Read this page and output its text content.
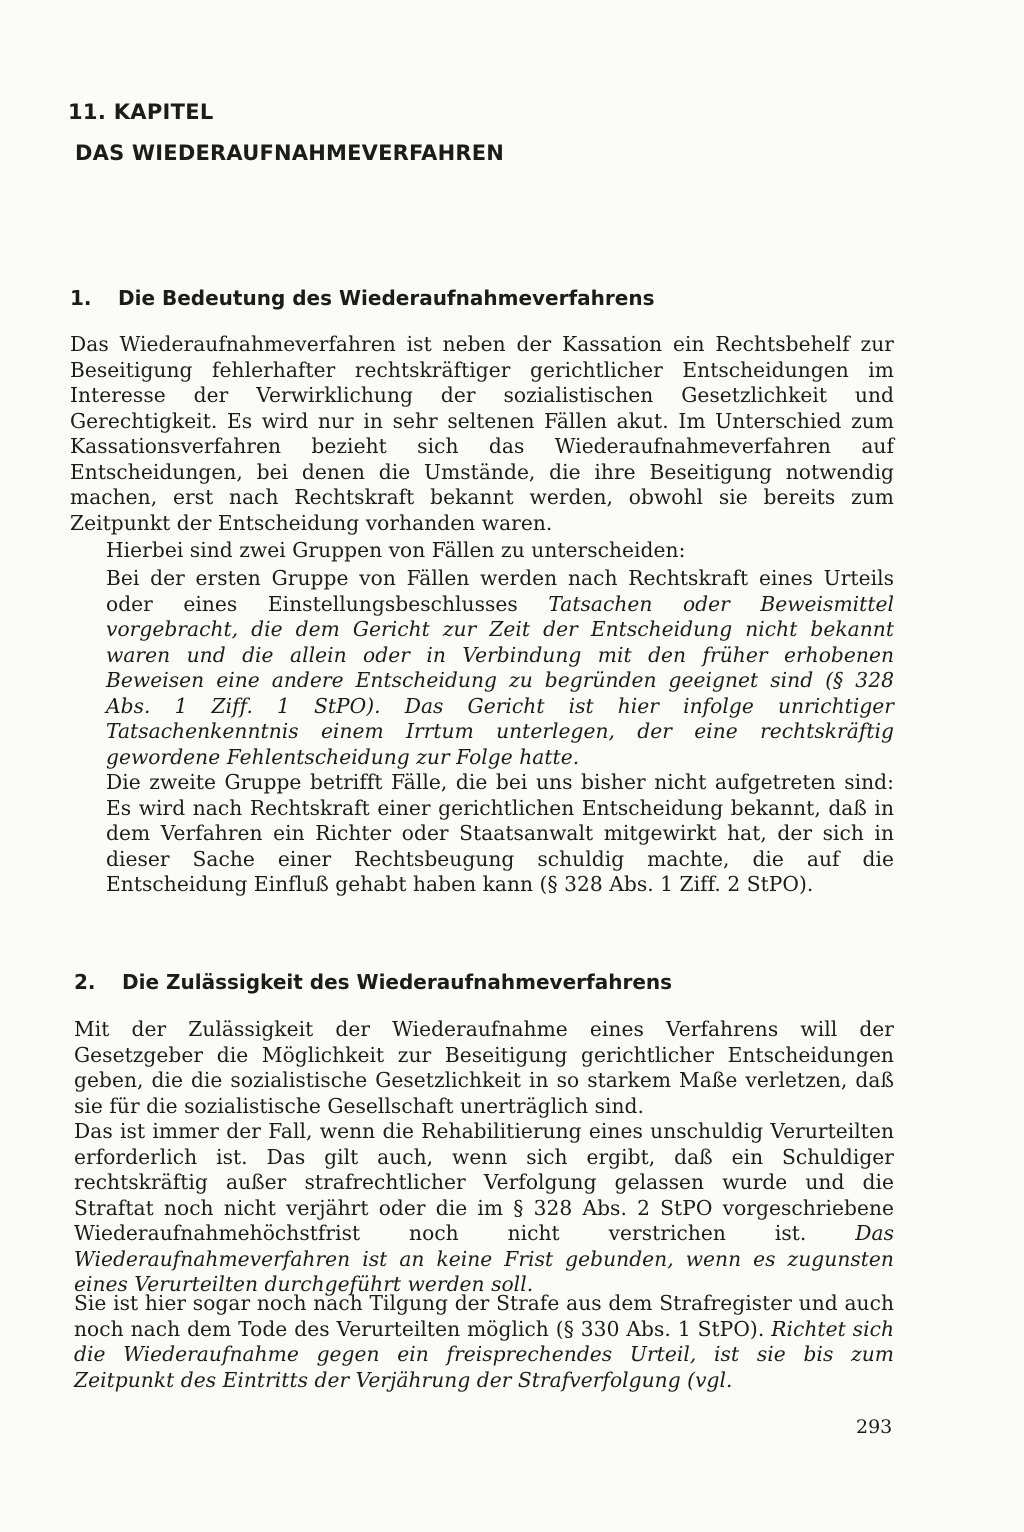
11. KAPITEL
DAS WIEDERAUFNAHMEVERFAHREN
1. Die Bedeutung des Wiederaufnahmeverfahrens

Das Wiederaufnahmeverfahren ist neben der Kassation ein Rechtsbehelf zur Beseitigung fehlerhafter rechtskräftiger gerichtlicher Entscheidungen im Interesse der Verwirklichung der sozialistischen Gesetzlichkeit und Gerechtigkeit. Es wird nur in sehr seltenen Fällen akut. Im Unterschied zum Kassationsverfahren bezieht sich das Wiederaufnahmeverfahren auf Entscheidungen, bei denen die Umstände, die ihre Beseitigung notwendig machen, erst nach Rechtskraft bekannt werden, obwohl sie bereits zum Zeitpunkt der Entscheidung vorhanden waren.

Hierbei sind zwei Gruppen von Fällen zu unterscheiden:

Bei der ersten Gruppe von Fällen werden nach Rechtskraft eines Urteils oder eines Einstellungsbeschlusses Tatsachen oder Beweismittel vorgebracht, die dem Gericht zur Zeit der Entscheidung nicht bekannt waren und die allein oder in Verbindung mit den früher erhobenen Beweisen eine andere Entscheidung zu begründen geeignet sind (§ 328 Abs. 1 Ziff. 1 StPO). Das Gericht ist hier infolge unrichtiger Tatsachenkenntnis einem Irrtum unterlegen, der eine rechtskräftig gewordene Fehlentscheidung zur Folge hatte.

Die zweite Gruppe betrifft Fälle, die bei uns bisher nicht aufgetreten sind: Es wird nach Rechtskraft einer gerichtlichen Entscheidung bekannt, daß in dem Verfahren ein Richter oder Staatsanwalt mitgewirkt hat, der sich in dieser Sache einer Rechtsbeugung schuldig machte, die auf die Entscheidung Einfluß gehabt haben kann (§ 328 Abs. 1 Ziff. 2 StPO).

2. Die Zulässigkeit des Wiederaufnahmeverfahrens

Mit der Zulässigkeit der Wiederaufnahme eines Verfahrens will der Gesetzgeber die Möglichkeit zur Beseitigung gerichtlicher Entscheidungen geben, die die sozialistische Gesetzlichkeit in so starkem Maße verletzen, daß sie für die sozialistische Gesellschaft unerträglich sind.

Das ist immer der Fall, wenn die Rehabilitierung eines unschuldig Verurteilten erforderlich ist. Das gilt auch, wenn sich ergibt, daß ein Schuldiger rechtskräftig außer strafrechtlicher Verfolgung gelassen wurde und die Straftat noch nicht verjährt oder die im § 328 Abs. 2 StPO vorgeschriebene Wiederaufnahmehöchstfrist noch nicht verstrichen ist. Das Wiederaufnahmeverfahren ist an keine Frist gebunden, wenn es zugunsten eines Verurteilten durchgeführt werden soll.

Sie ist hier sogar noch nach Tilgung der Strafe aus dem Strafregister und auch noch nach dem Tode des Verurteilten möglich (§ 330 Abs. 1 StPO). Richtet sich die Wiederaufnahme gegen ein freisprechendes Urteil, ist sie bis zum Zeitpunkt des Eintritts der Verjährung der Strafverfolgung (vgl.

293
